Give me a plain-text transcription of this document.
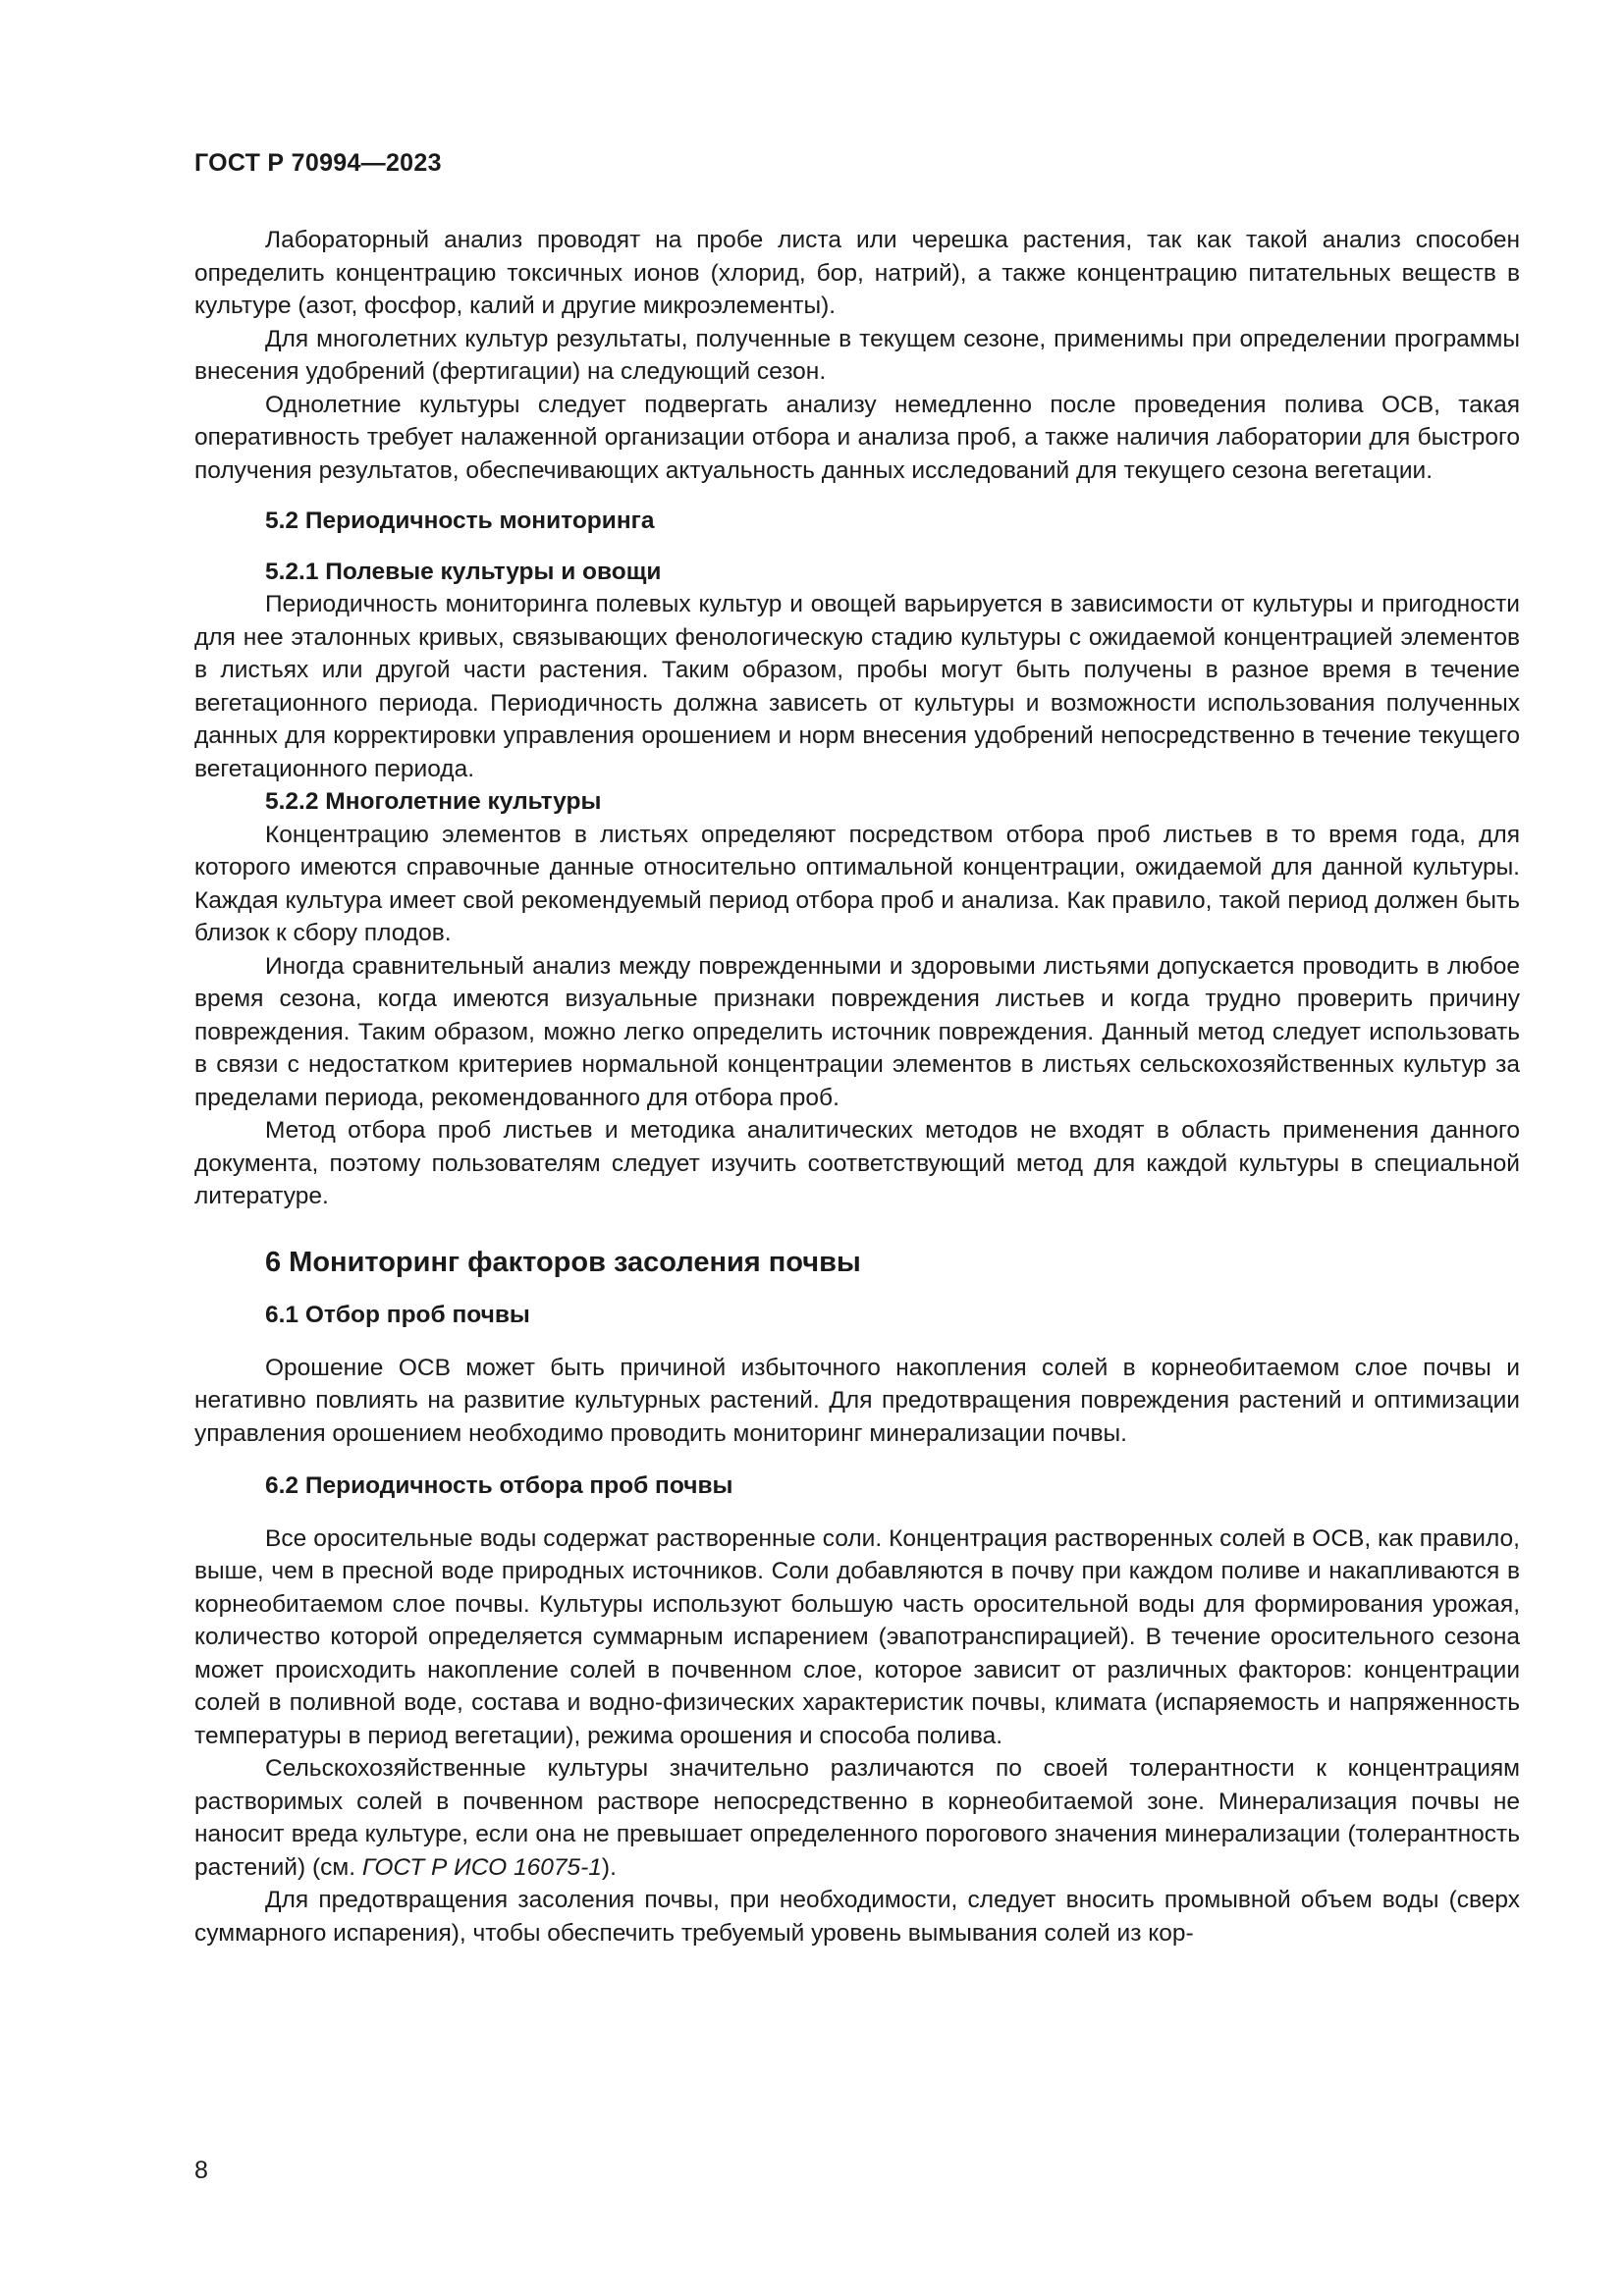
ГОСТ Р 70994—2023

Лабораторный анализ проводят на пробе листа или черешка растения, так как такой анализ способен определить концентрацию токсичных ионов (хлорид, бор, натрий), а также концентрацию питательных веществ в культуре (азот, фосфор, калий и другие микроэлементы).

Для многолетних культур результаты, полученные в текущем сезоне, применимы при определении программы внесения удобрений (фертигации) на следующий сезон.

Однолетние культуры следует подвергать анализу немедленно после проведения полива ОСВ, такая оперативность требует налаженной организации отбора и анализа проб, а также наличия лаборатории для быстрого получения результатов, обеспечивающих актуальность данных исследований для текущего сезона вегетации.

5.2 Периодичность мониторинга

5.2.1 Полевые культуры и овощи

Периодичность мониторинга полевых культур и овощей варьируется в зависимости от культуры и пригодности для нее эталонных кривых, связывающих фенологическую стадию культуры с ожидаемой концентрацией элементов в листьях или другой части растения. Таким образом, пробы могут быть получены в разное время в течение вегетационного периода. Периодичность должна зависеть от культуры и возможности использования полученных данных для корректировки управления орошением и норм внесения удобрений непосредственно в течение текущего вегетационного периода.

5.2.2 Многолетние культуры

Концентрацию элементов в листьях определяют посредством отбора проб листьев в то время года, для которого имеются справочные данные относительно оптимальной концентрации, ожидаемой для данной культуры. Каждая культура имеет свой рекомендуемый период отбора проб и анализа. Как правило, такой период должен быть близок к сбору плодов.

Иногда сравнительный анализ между поврежденными и здоровыми листьями допускается проводить в любое время сезона, когда имеются визуальные признаки повреждения листьев и когда трудно проверить причину повреждения. Таким образом, можно легко определить источник повреждения. Данный метод следует использовать в связи с недостатком критериев нормальной концентрации элементов в листьях сельскохозяйственных культур за пределами периода, рекомендованного для отбора проб.

Метод отбора проб листьев и методика аналитических методов не входят в область применения данного документа, поэтому пользователям следует изучить соответствующий метод для каждой культуры в специальной литературе.

6 Мониторинг факторов засоления почвы

6.1 Отбор проб почвы

Орошение ОСВ может быть причиной избыточного накопления солей в корнеобитаемом слое почвы и негативно повлиять на развитие культурных растений. Для предотвращения повреждения растений и оптимизации управления орошением необходимо проводить мониторинг минерализации почвы.

6.2 Периодичность отбора проб почвы

Все оросительные воды содержат растворенные соли. Концентрация растворенных солей в ОСВ, как правило, выше, чем в пресной воде природных источников. Соли добавляются в почву при каждом поливе и накапливаются в корнеобитаемом слое почвы. Культуры используют большую часть оросительной воды для формирования урожая, количество которой определяется суммарным испарением (эвапотранспирацией). В течение оросительного сезона может происходить накопление солей в почвенном слое, которое зависит от различных факторов: концентрации солей в поливной воде, состава и водно-физических характеристик почвы, климата (испаряемость и напряженность температуры в период вегетации), режима орошения и способа полива.

Сельскохозяйственные культуры значительно различаются по своей толерантности к концентрациям растворимых солей в почвенном растворе непосредственно в корнеобитаемой зоне. Минерализация почвы не наносит вреда культуре, если она не превышает определенного порогового значения минерализации (толерантность растений) (см. ГОСТ Р ИСО 16075-1).

Для предотвращения засоления почвы, при необходимости, следует вносить промывной объем воды (сверх суммарного испарения), чтобы обеспечить требуемый уровень вымывания солей из кор-

8
